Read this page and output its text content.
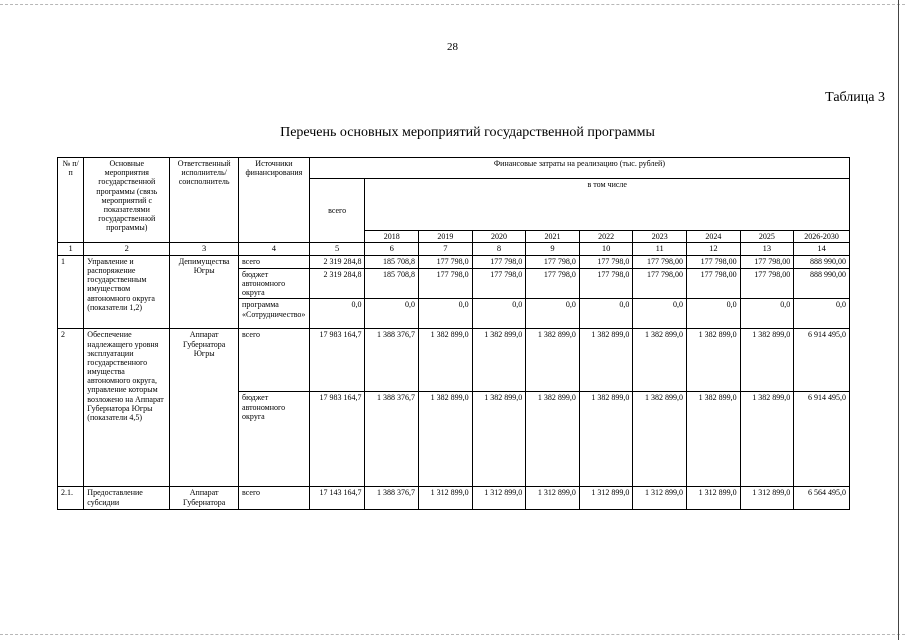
28
Таблица 3
Перечень основных мероприятий государственной программы
№ п/п	Основные мероприятия государственной программы (связь мероприятий с показателями государственной программы)	Ответственный исполнитель/ соисполнитель	Источники финансирования	Финансовые затраты на реализацию (тыс. рублей)									
				всего	в том числе								
					2018	2019	2020	2021	2022	2023	2024	2025	2026-2030
1	2	3	4	5	6	7	8	9	10	11	12	13	14
1	Управление и распоряжение государственным имуществом автономного округа (показатели 1,2)	Депимущества Югры	всего	2 319 284,8	185 708,8	177 798,0	177 798,0	177 798,0	177 798,0	177 798,00	177 798,00	177 798,00	888 990,00
			бюджет автономного округа	2 319 284,8	185 708,8	177 798,0	177 798,0	177 798,0	177 798,0	177 798,00	177 798,00	177 798,00	888 990,00
			программа «Сотрудничество»	0,0	0,0	0,0	0,0	0,0	0,0	0,0	0,0	0,0	0,0
2	Обеспечение надлежащего уровня эксплуатации государственного имущества автономного округа, управление которым возложено на Аппарат Губернатора Югры (показатели 4,5)	Аппарат Губернатора Югры	всего	17 983 164,7	1 388 376,7	1 382 899,0	1 382 899,0	1 382 899,0	1 382 899,0	1 382 899,0	1 382 899,0	1 382 899,0	6 914 495,0
			бюджет автономного округа	17 983 164,7	1 388 376,7	1 382 899,0	1 382 899,0	1 382 899,0	1 382 899,0	1 382 899,0	1 382 899,0	1 382 899,0	6 914 495,0
2.1.	Предоставление субсидии	Аппарат Губернатора	всего	17 143 164,7	1 388 376,7	1 312 899,0	1 312 899,0	1 312 899,0	1 312 899,0	1 312 899,0	1 312 899,0	1 312 899,0	6 564 495,0
